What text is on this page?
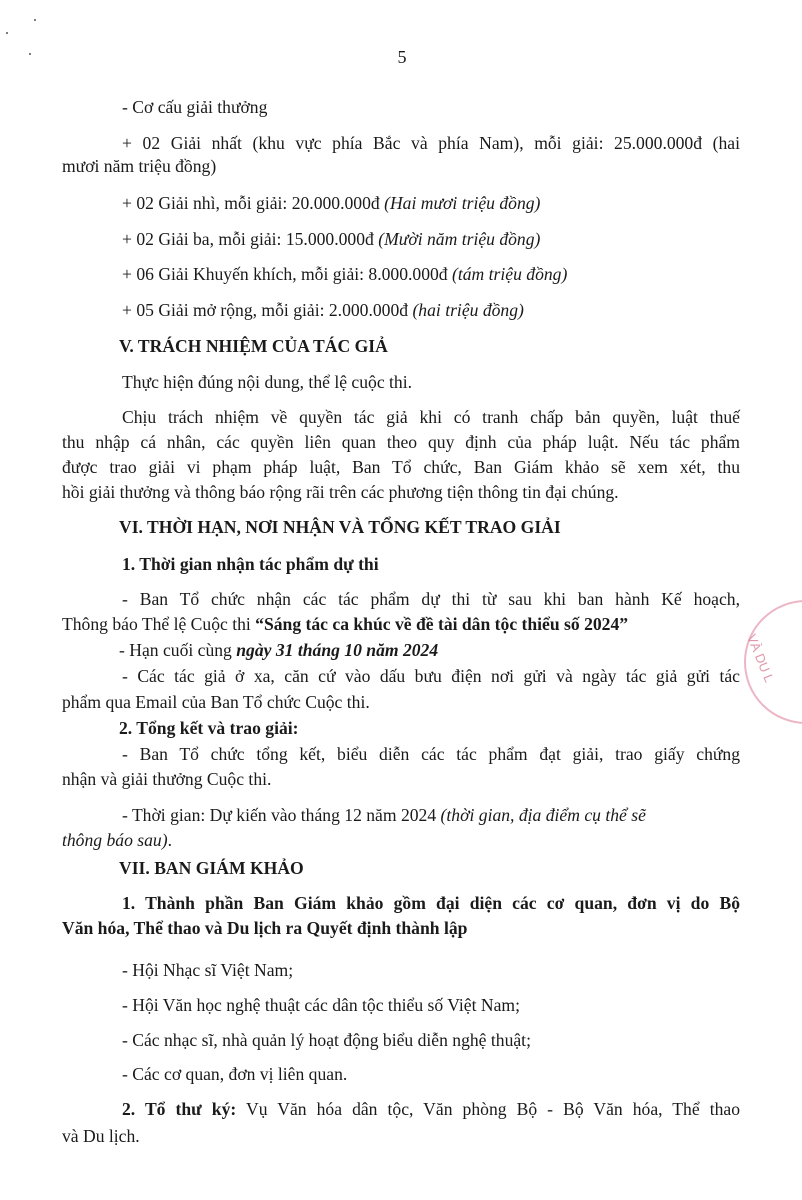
5

- Cơ cấu giải thưởng

+ 02 Giải nhất (khu vực phía Bắc và phía Nam), mỗi giải: 25.000.000đ (hai

mươi năm triệu đồng)

+ 02 Giải nhì, mỗi giải: 20.000.000đ (Hai mươi triệu đồng)

+ 02 Giải ba, mỗi giải: 15.000.000đ (Mười năm triệu đồng)

+ 06 Giải Khuyến khích, mỗi giải: 8.000.000đ (tám triệu đồng)

+ 05 Giải mở rộng, mỗi giải: 2.000.000đ (hai triệu đồng)

V. TRÁCH NHIỆM CỦA TÁC GIẢ

Thực hiện đúng nội dung, thể lệ cuộc thi.

Chịu trách nhiệm về quyền tác giả khi có tranh chấp bản quyền, luật thuế

thu nhập cá nhân, các quyền liên quan theo quy định của pháp luật. Nếu tác phẩm

được trao giải vi phạm pháp luật, Ban Tổ chức, Ban Giám khảo sẽ xem xét, thu

hồi giải thưởng và thông báo rộng rãi trên các phương tiện thông tin đại chúng.

VI. THỜI HẠN, NƠI NHẬN VÀ TỔNG KẾT TRAO GIẢI

1. Thời gian nhận tác phẩm dự thi

- Ban Tổ chức nhận các tác phẩm dự thi từ sau khi ban hành Kế hoạch,

Thông báo Thể lệ Cuộc thi “Sáng tác ca khúc về đề tài dân tộc thiểu số 2024”

- Hạn cuối cùng ngày 31 tháng 10 năm 2024

- Các tác giả ở xa, căn cứ vào dấu bưu điện nơi gửi và ngày tác giả gửi tác

phẩm qua Email của Ban Tổ chức Cuộc thi.

2. Tổng kết và trao giải:

- Ban Tổ chức tổng kết, biểu diễn các tác phẩm đạt giải, trao giấy chứng

nhận và giải thưởng Cuộc thi.

- Thời gian: Dự kiến vào tháng 12 năm 2024 (thời gian, địa điểm cụ thể sẽ

thông báo sau).

VII. BAN GIÁM KHẢO

1. Thành phần Ban Giám khảo gồm đại diện các cơ quan, đơn vị do Bộ

Văn hóa, Thể thao và Du lịch ra Quyết định thành lập

- Hội Nhạc sĩ Việt Nam;

- Hội Văn học nghệ thuật các dân tộc thiểu số Việt Nam;

- Các nhạc sĩ, nhà quản lý hoạt động biểu diễn nghệ thuật;

- Các cơ quan, đơn vị liên quan.

2. Tổ thư ký: Vụ Văn hóa dân tộc, Văn phòng Bộ - Bộ Văn hóa, Thể thao

và Du lịch.

VÀ DU L
